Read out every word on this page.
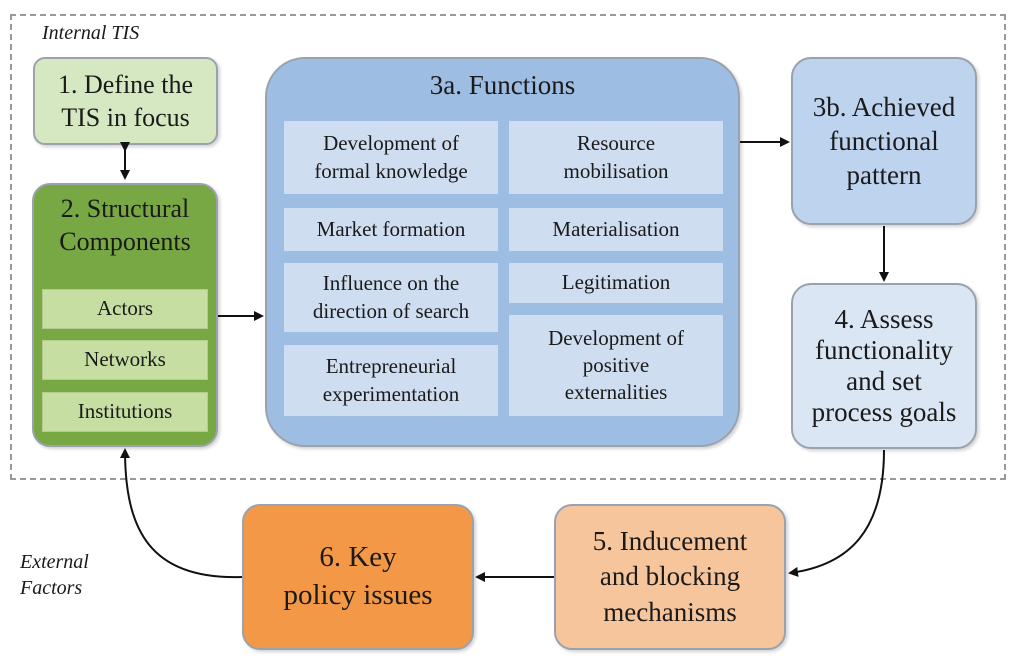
Internal TIS
External
Factors
1. Define the
TIS in focus
2. Structural
Components
Actors
Networks
Institutions
3a. Functions
Development of
formal knowledge
Market formation
Influence on the
direction of search
Entrepreneurial
experimentation
Resource
mobilisation
Materialisation
Legitimation
Development of
positive
externalities
3b. Achieved
functional
pattern
4. Assess
functionality
and set
process goals
5. Inducement
and blocking
mechanisms
6. Key
policy issues
